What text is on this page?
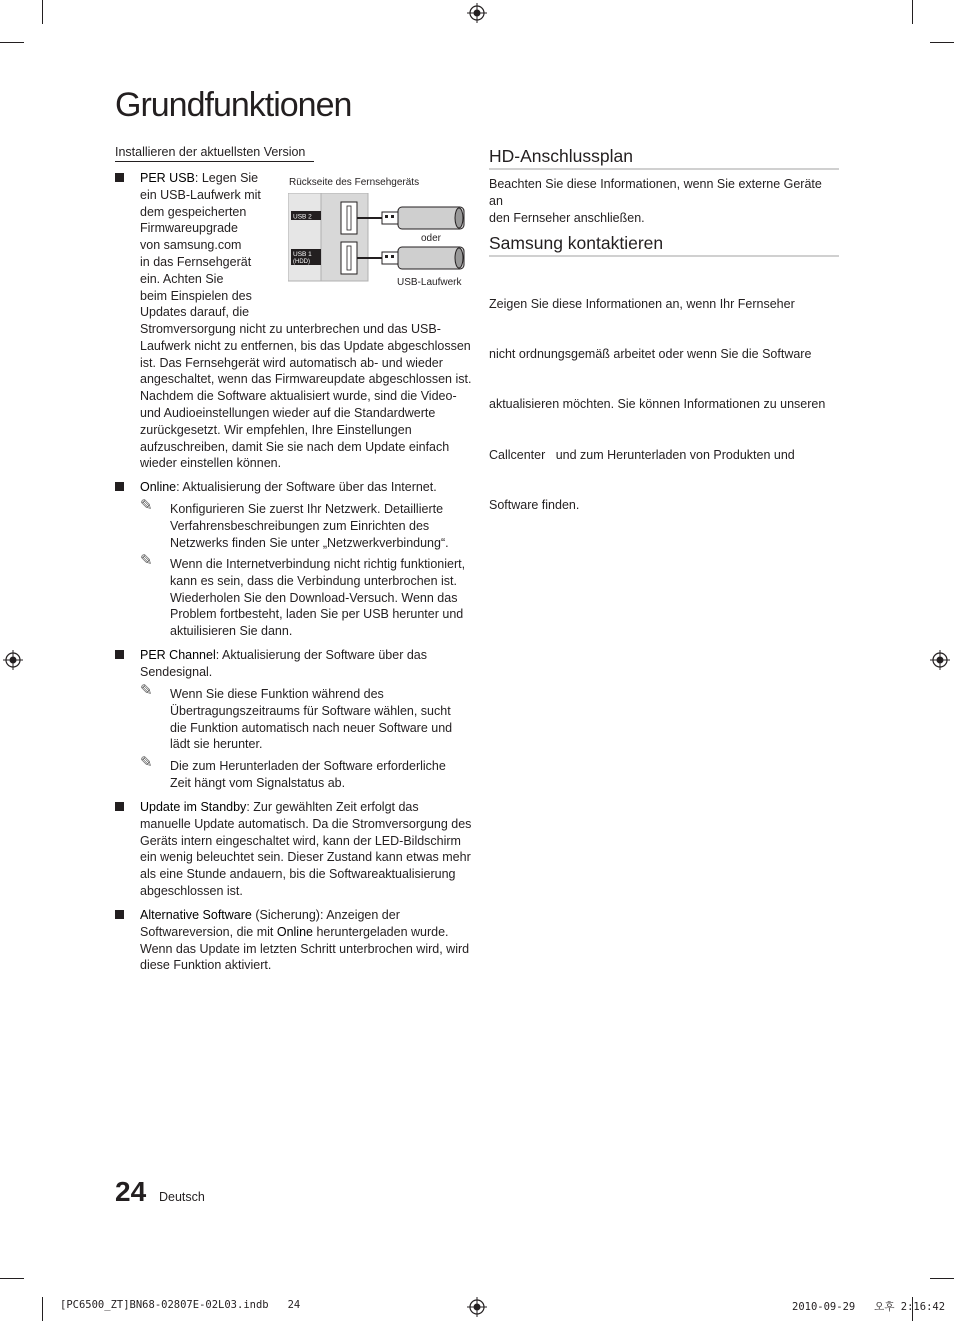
Grundfunktionen
Installieren der aktuellsten Version
Rückseite des Fernsehgeräts
USB 2
USB 1
(HDD)
oder
USB-Laufwerk
PER USB: Legen Sie
ein USB-Laufwerk mit
dem gespeicherten
Firmwareupgrade
von samsung.com
in das Fernsehgerät
ein. Achten Sie
beim Einspielen des
Updates darauf, die
Stromversorgung nicht zu unterbrechen und das USB-
Laufwerk nicht zu entfernen, bis das Update abgeschlossen
ist. Das Fernsehgerät wird automatisch ab- und wieder
angeschaltet, wenn das Firmwareupdate abgeschlossen ist.
Nachdem die Software aktualisiert wurde, sind die Video-
und Audioeinstellungen wieder auf die Standardwerte
zurückgesetzt. Wir empfehlen, Ihre Einstellungen
aufzuschreiben, damit Sie sie nach dem Update einfach
wieder einstellen können.
Online: Aktualisierung der Software über das Internet.
✎ Konfigurieren Sie zuerst Ihr Netzwerk. Detaillierte
Verfahrensbeschreibungen zum Einrichten des
Netzwerks finden Sie unter „Netzwerkverbindung“.
✎ Wenn die Internetverbindung nicht richtig funktioniert,
kann es sein, dass die Verbindung unterbrochen ist.
Wiederholen Sie den Download-Versuch. Wenn das
Problem fortbesteht, laden Sie per USB herunter und
aktuilisieren Sie dann.
PER Channel: Aktualisierung der Software über das
Sendesignal.
✎ Wenn Sie diese Funktion während des
Übertragungszeitraums für Software wählen, sucht
die Funktion automatisch nach neuer Software und
lädt sie herunter.
✎ Die zum Herunterladen der Software erforderliche
Zeit hängt vom Signalstatus ab.
Update im Standby: Zur gewählten Zeit erfolgt das
manuelle Update automatisch. Da die Stromversorgung des
Geräts intern eingeschaltet wird, kann der LED-Bildschirm
ein wenig beleuchtet sein. Dieser Zustand kann etwas mehr
als eine Stunde andauern, bis die Softwareaktualisierung
abgeschlossen ist.
Alternative Software (Sicherung): Anzeigen der
Softwareversion, die mit Online heruntergeladen wurde.
Wenn das Update im letzten Schritt unterbrochen wird, wird
diese Funktion aktiviert.
HD-Anschlussplan
Beachten Sie diese Informationen, wenn Sie externe Geräte an
den Fernseher anschließen.
Samsung kontaktieren

Zeigen Sie diese Informationen an, wenn Ihr Fernseher

nicht ordnungsgemäß arbeitet oder wenn Sie die Software

aktualisieren möchten. Sie können Informationen zu unseren

Callcenter   und zum Herunterladen von Produkten und

Software finden.

24 Deutsch
[PC6500_ZT]BN68-02807E-02L03.indb   24	2010-09-29   오후 2:16:42
